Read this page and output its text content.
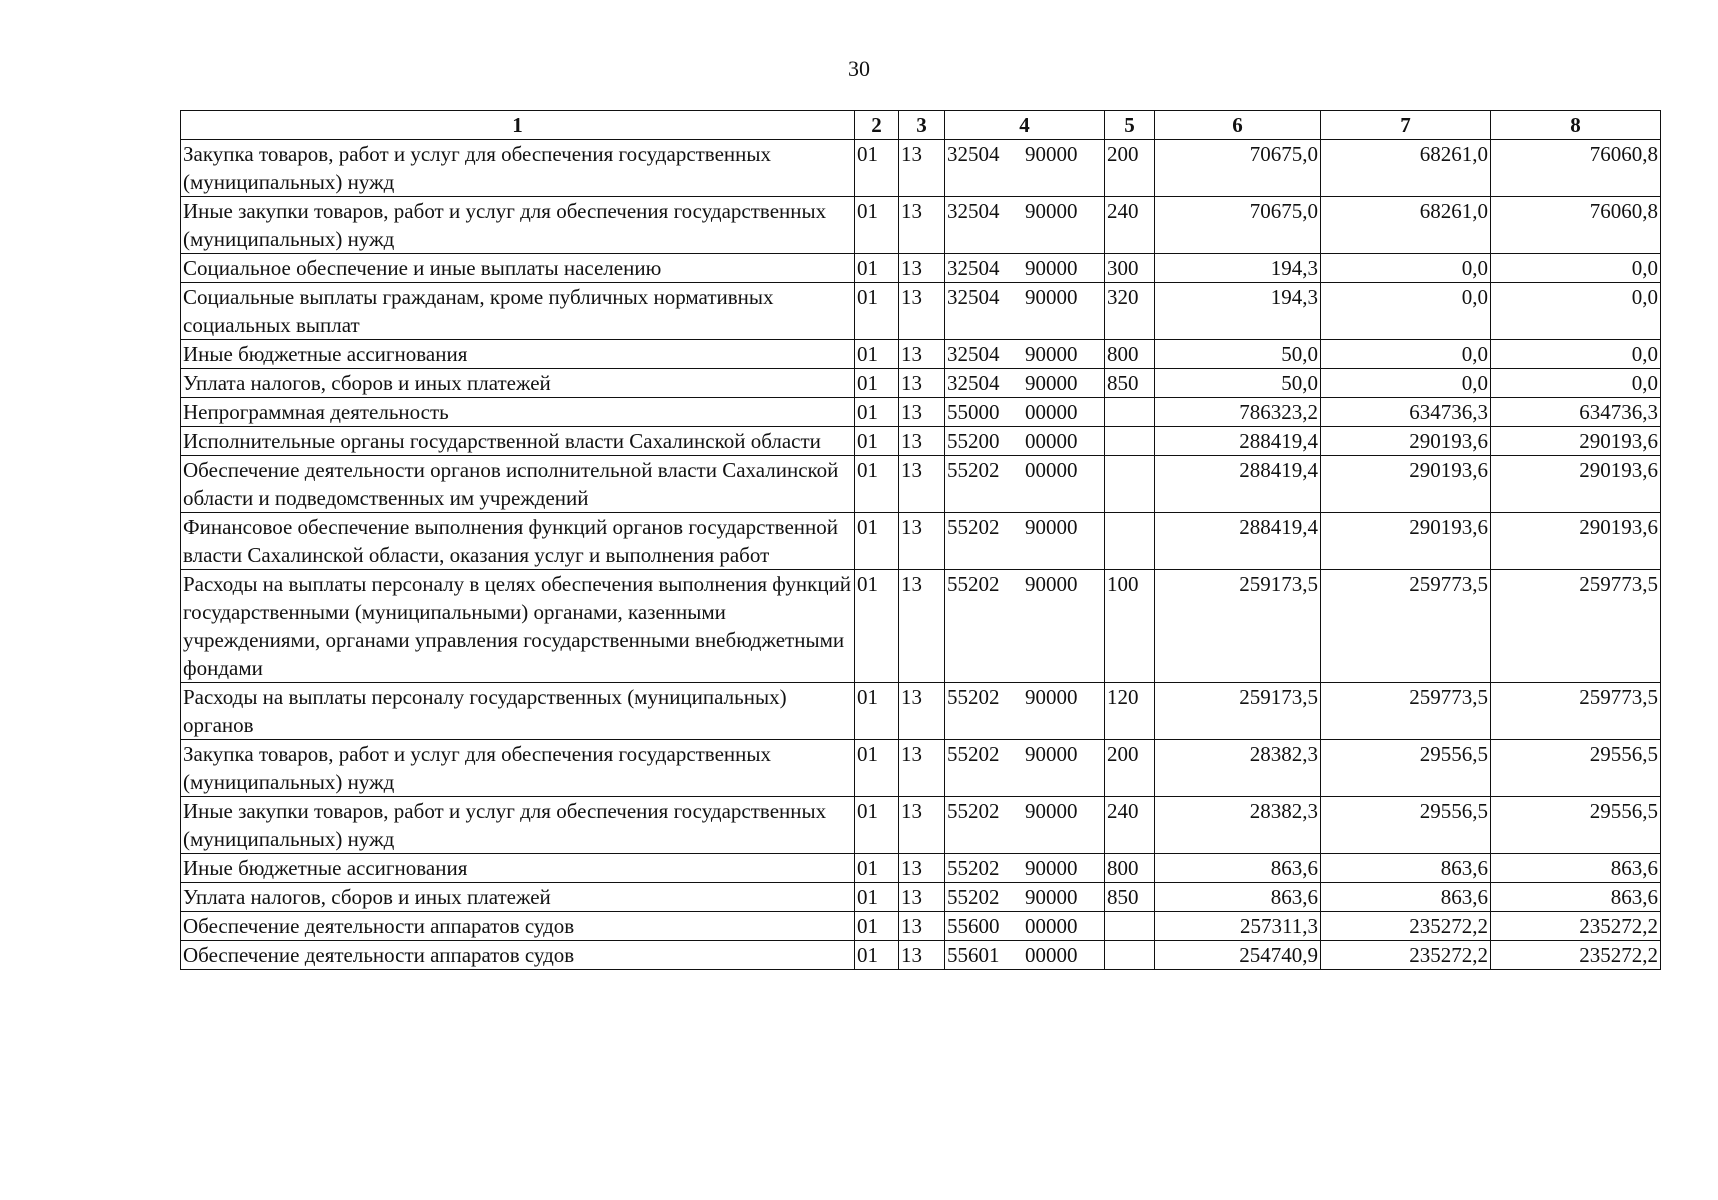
30
1	2	3	4	5	6	7	8
Закупка товаров, работ и услуг для обеспечения государственных (муниципальных) нужд	01	13	32504 90000	200	70675,0	68261,0	76060,8
Иные закупки товаров, работ и услуг для обеспечения государственных (муниципальных) нужд	01	13	32504 90000	240	70675,0	68261,0	76060,8
Социальное обеспечение и иные выплаты населению	01	13	32504 90000	300	194,3	0,0	0,0
Социальные выплаты гражданам, кроме публичных нормативных социальных выплат	01	13	32504 90000	320	194,3	0,0	0,0
Иные бюджетные ассигнования	01	13	32504 90000	800	50,0	0,0	0,0
Уплата налогов, сборов и иных платежей	01	13	32504 90000	850	50,0	0,0	0,0
Непрограммная деятельность	01	13	55000 00000		786323,2	634736,3	634736,3
Исполнительные органы государственной власти Сахалинской области	01	13	55200 00000		288419,4	290193,6	290193,6
Обеспечение деятельности органов исполнительной власти Сахалинской области и подведомственных им учреждений	01	13	55202 00000		288419,4	290193,6	290193,6
Финансовое обеспечение выполнения функций органов государственной власти Сахалинской области, оказания услуг и выполнения работ	01	13	55202 90000		288419,4	290193,6	290193,6
Расходы на выплаты персоналу в целях обеспечения выполнения функций государственными (муниципальными) органами, казенными учреждениями, органами управления государственными внебюджетными фондами	01	13	55202 90000	100	259173,5	259773,5	259773,5
Расходы на выплаты персоналу государственных (муниципальных) органов	01	13	55202 90000	120	259173,5	259773,5	259773,5
Закупка товаров, работ и услуг для обеспечения государственных (муниципальных) нужд	01	13	55202 90000	200	28382,3	29556,5	29556,5
Иные закупки товаров, работ и услуг для обеспечения государственных (муниципальных) нужд	01	13	55202 90000	240	28382,3	29556,5	29556,5
Иные бюджетные ассигнования	01	13	55202 90000	800	863,6	863,6	863,6
Уплата налогов, сборов и иных платежей	01	13	55202 90000	850	863,6	863,6	863,6
Обеспечение деятельности аппаратов судов	01	13	55600 00000		257311,3	235272,2	235272,2
Обеспечение деятельности аппаратов судов	01	13	55601 00000		254740,9	235272,2	235272,2
